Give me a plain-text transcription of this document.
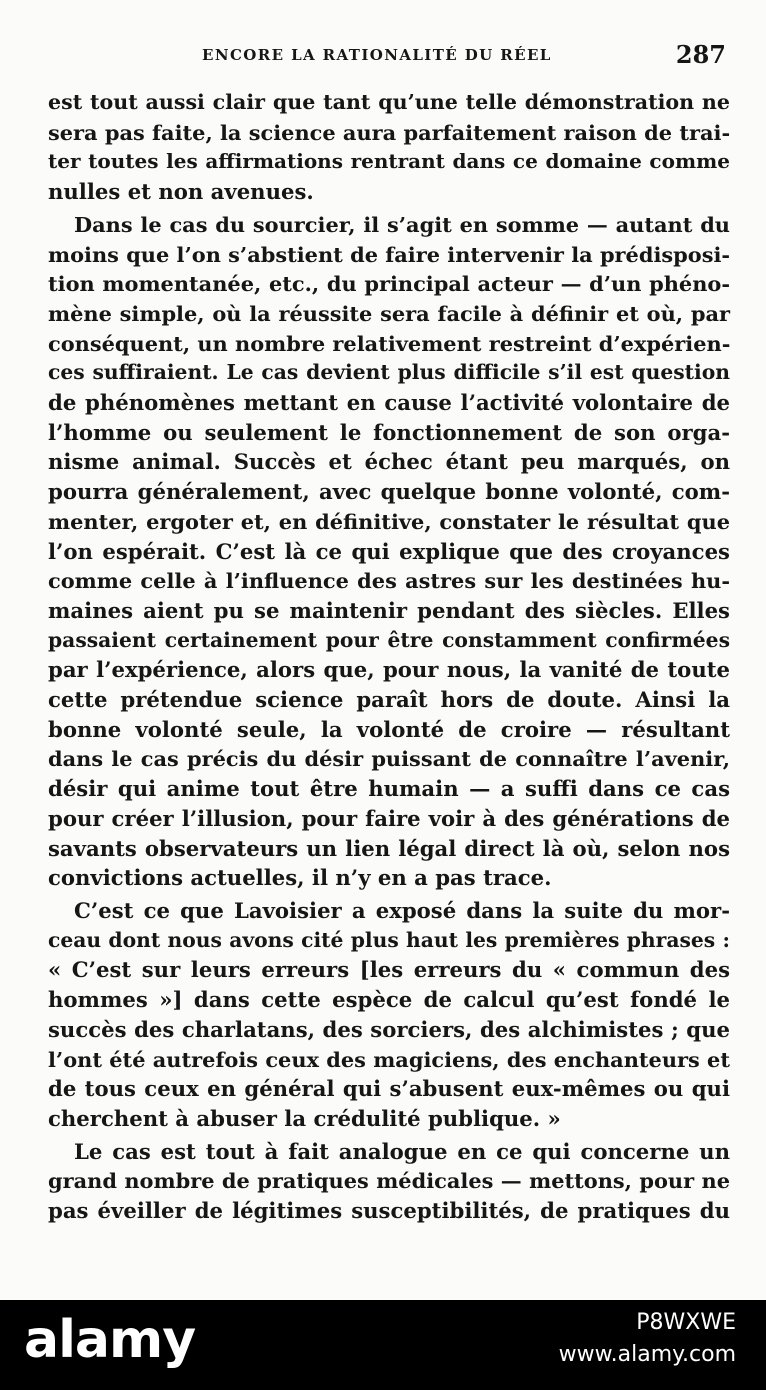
ENCORE LA RATIONALITÉ DU RÉEL	287

est tout aussi clair que tant qu’une telle démonstration ne
sera pas faite, la science aura parfaitement raison de trai-
ter toutes les affirmations rentrant dans ce domaine comme
nulles et non avenues.

Dans le cas du sourcier, il s’agit en somme — autant du
moins que l’on s’abstient de faire intervenir la prédisposi-
tion momentanée, etc., du principal acteur — d’un phéno-
mène simple, où la réussite sera facile à définir et où, par
conséquent, un nombre relativement restreint d’expérien-
ces suffiraient. Le cas devient plus difficile s’il est question
de phénomènes mettant en cause l’activité volontaire de
l’homme ou seulement le fonctionnement de son orga-
nisme animal. Succès et échec étant peu marqués, on
pourra généralement, avec quelque bonne volonté, com-
menter, ergoter et, en définitive, constater le résultat que
l’on espérait. C’est là ce qui explique que des croyances
comme celle à l’influence des astres sur les destinées hu-
maines aient pu se maintenir pendant des siècles. Elles
passaient certainement pour être constamment confirmées
par l’expérience, alors que, pour nous, la vanité de toute
cette prétendue science paraît hors de doute. Ainsi la
bonne volonté seule, la volonté de croire — résultant
dans le cas précis du désir puissant de connaître l’avenir,
désir qui anime tout être humain — a suffi dans ce cas
pour créer l’illusion, pour faire voir à des générations de
savants observateurs un lien légal direct là où, selon nos
convictions actuelles, il n’y en a pas trace.

C’est ce que Lavoisier a exposé dans la suite du mor-
ceau dont nous avons cité plus haut les premières phrases :
« C’est sur leurs erreurs [les erreurs du « commun des
hommes »] dans cette espèce de calcul qu’est fondé le
succès des charlatans, des sorciers, des alchimistes ; que
l’ont été autrefois ceux des magiciens, des enchanteurs et
de tous ceux en général qui s’abusent eux-mêmes ou qui
cherchent à abuser la crédulité publique. »

Le cas est tout à fait analogue en ce qui concerne un
grand nombre de pratiques médicales — mettons, pour ne
pas éveiller de légitimes susceptibilités, de pratiques du

alamy	P8WXWE
www.alamy.com
